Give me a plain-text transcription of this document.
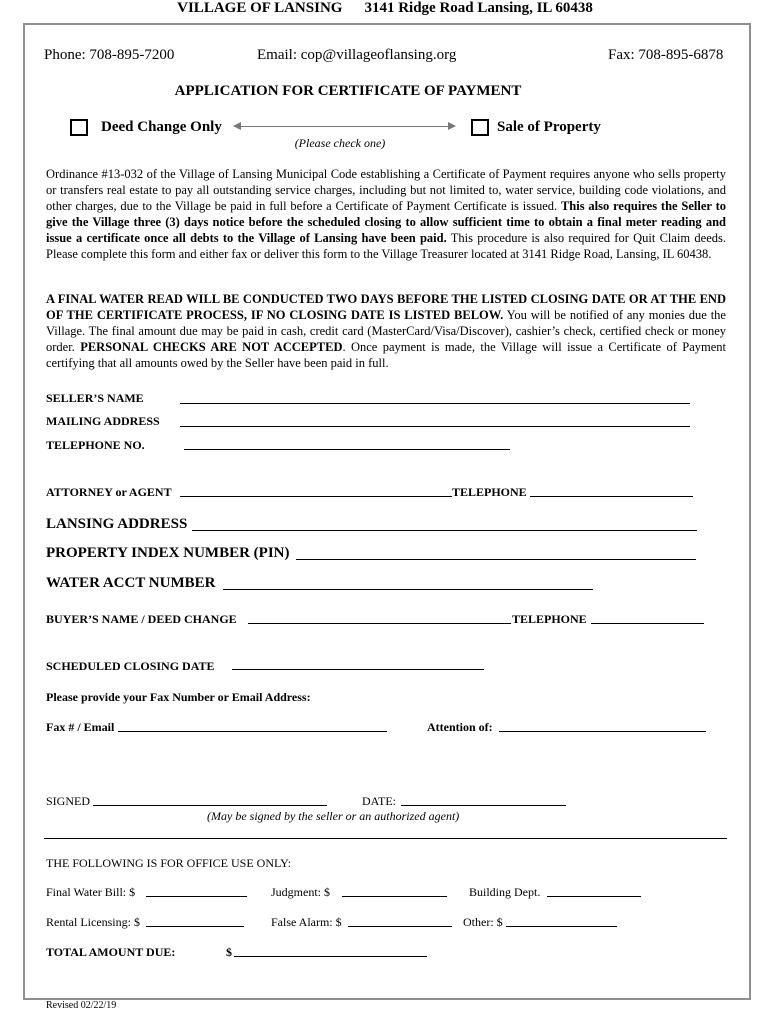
VILLAGE OF LANSING 3141 Ridge Road Lansing, IL 60438
Phone: 708-895-7200	Email: cop@villageoflansing.org	Fax: 708-895-6878
APPLICATION FOR CERTIFICATE OF PAYMENT
Deed Change Only	Sale of Property
(Please check one)
Ordinance #13-032 of the Village of Lansing Municipal Code establishing a Certificate of Payment requires anyone who sells property or transfers real estate to pay all outstanding service charges, including but not limited to, water service, building code violations, and other charges, due to the Village be paid in full before a Certificate of Payment Certificate is issued. This also requires the Seller to give the Village three (3) days notice before the scheduled closing to allow sufficient time to obtain a final meter reading and issue a certificate once all debts to the Village of Lansing have been paid. This procedure is also required for Quit Claim deeds. Please complete this form and either fax or deliver this form to the Village Treasurer located at 3141 Ridge Road, Lansing, IL 60438.
A FINAL WATER READ WILL BE CONDUCTED TWO DAYS BEFORE THE LISTED CLOSING DATE OR AT THE END OF THE CERTIFICATE PROCESS, IF NO CLOSING DATE IS LISTED BELOW. You will be notified of any monies due the Village. The final amount due may be paid in cash, credit card (MasterCard/Visa/Discover), cashier’s check, certified check or money order. PERSONAL CHECKS ARE NOT ACCEPTED. Once payment is made, the Village will issue a Certificate of Payment certifying that all amounts owed by the Seller have been paid in full.
SELLER’S NAME
MAILING ADDRESS
TELEPHONE NO.
ATTORNEY or AGENT	TELEPHONE
LANSING ADDRESS
PROPERTY INDEX NUMBER (PIN)
WATER ACCT NUMBER
BUYER’S NAME / DEED CHANGE	TELEPHONE
SCHEDULED CLOSING DATE
Please provide your Fax Number or Email Address:
Fax # / Email	Attention of:
SIGNED	DATE:
(May be signed by the seller or an authorized agent)
THE FOLLOWING IS FOR OFFICE USE ONLY:
Final Water Bill: $	Judgment: $	Building Dept.
Rental Licensing: $	False Alarm: $	Other: $
TOTAL AMOUNT DUE:	$
Revised 02/22/19
